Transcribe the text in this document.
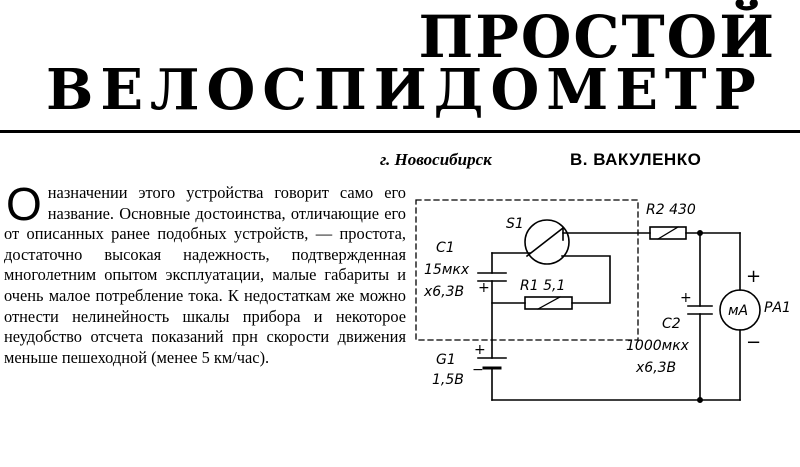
ПРОСТОЙ
ВЕЛОСПИДОМЕТР
г. Новосибирск	В. ВАКУЛЕНКО

Оназначении этого устройства говорит само его название. Основные достоинства, отличающие его от описанных ранее подобных устройств, — простота, достаточно высокая надежность, подтвержденная многолетним опытом эксплуатации, малые габариты и очень малое потребление тока. К недостаткам же можно отнести нелинейность шкалы прибора и некоторое неудобство отсчета показаний прн скорости движения меньше пешеходной (менее 5 км/час).

S1
R2 430
С1
15мкх
х6,3В + R1 5,1
G1
1,5В
+
−
+
С2
1000мкх
х6,3В
мА РА1
+
−
